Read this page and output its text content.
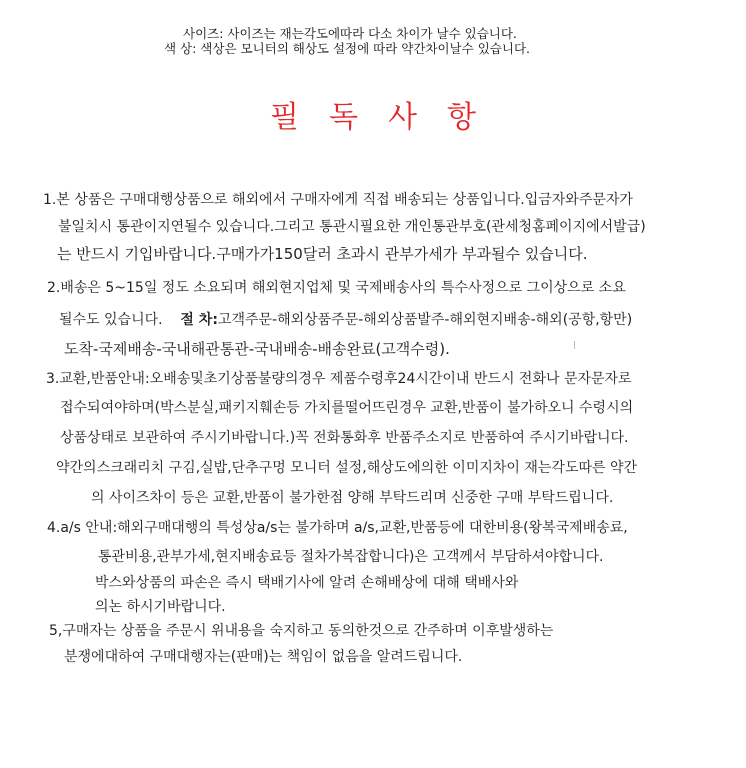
사이즈: 사이즈는 재는각도에따라 다소 차이가 날수 있습니다.
색 상: 색상은 모니터의 해상도 설정에 따라 약간차이날수 있습니다.
필독사항
1.본 상품은 구매대행상품으로 해외에서 구매자에게 직접 배송되는 상품입니다.입금자와주문자가
불일치시 통관이지연될수 있습니다.그리고 통관시필요한 개인통관부호(관세청홈페이지에서발급)
는 반드시 기입바랍니다.구매가가150달러 초과시 관부가세가 부과될수 있습니다.
2.배송은 5~15일 정도 소요되며 해외현지업체 및 국제배송사의 특수사정으로 그이상으로 소요
될수도 있습니다. 절 차:고객주문-해외상품주문-해외상품발주-해외현지배송-해외(공항,항만)
도착-국제배송-국내해관통관-국내배송-배송완료(고객수령).
3.교환,반품안내:오배송및초기상품불량의경우 제품수령후24시간이내 반드시 전화나 문자문자로
접수되여야하며(박스분실,패키지훼손등 가치를떨어뜨린경우 교환,반품이 불가하오니 수령시의
상품상태로 보관하여 주시기바랍니다.)꼭 전화통화후 반품주소지로 반품하여 주시기바랍니다.
약간의스크래리치 구김,실밥,단추구멍 모니터 설정,해상도에의한 이미지차이 재는각도따른 약간
의 사이즈차이 등은 교환,반품이 불가한점 양해 부탁드리며 신중한 구매 부탁드립니다.
4.a/s 안내:해외구매대행의 특성상a/s는 불가하며 a/s,교환,반품등에 대한비용(왕복국제배송료,
통관비용,관부가세,현지배송료등 절차가복잡합니다)은 고객께서 부담하셔야합니다.
박스와상품의 파손은 즉시 택배기사에 알려 손해배상에 대해 택배사와
의논 하시기바랍니다.
5,구매자는 상품을 주문시 위내용을 숙지하고 동의한것으로 간주하며 이후발생하는
분쟁에대하여 구매대행자는(판매)는 책임이 없음을 알려드립니다.
